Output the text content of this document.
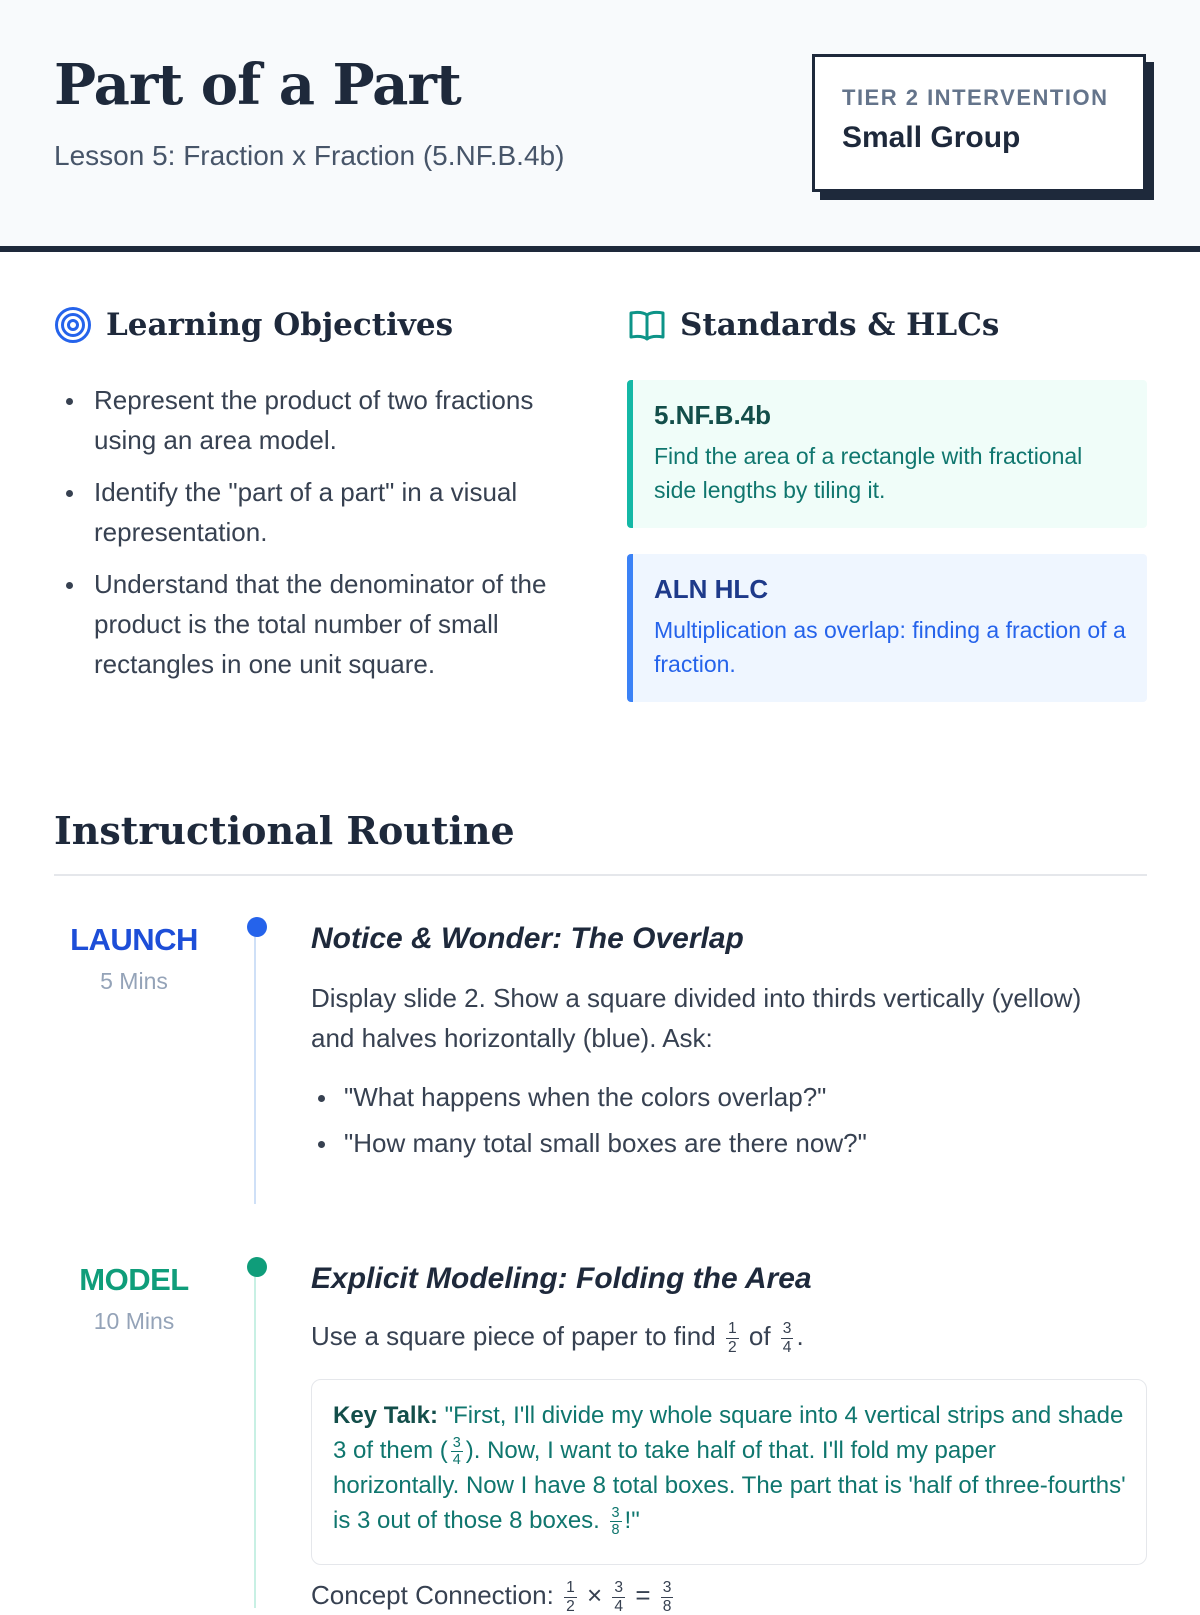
Part of a Part
Lesson 5: Fraction x Fraction (5.NF.B.4b)
TIER 2 INTERVENTION
Small Group
Learning Objectives
Represent the product of two fractions using an area model.
Identify the "part of a part" in a visual representation.
Understand that the denominator of the product is the total number of small rectangles in one unit square.
Standards & HLCs
5.NF.B.4b
Find the area of a rectangle with fractional side lengths by tiling it.
ALN HLC
Multiplication as overlap: finding a fraction of a fraction.
Instructional Routine
LAUNCH
5 Mins
Notice & Wonder: The Overlap
Display slide 2. Show a square divided into thirds vertically (yellow) and halves horizontally (blue). Ask:
"What happens when the colors overlap?"
"How many total small boxes are there now?"
MODEL
10 Mins
Explicit Modeling: Folding the Area
Use a square piece of paper to find $\frac{1}{2}$ of $\frac{3}{4}$ .
Key Talk: "First, I'll divide my whole square into 4 vertical strips and shade 3 of them ( $\frac{3}{4}$ ). Now, I want to take half of that. I'll fold my paper horizontally. Now I have 8 total boxes. The part that is 'half of three-fourths' is 3 out of those 8 boxes. $\frac{3}{8}$ !"
Concept Connection: $\frac{1}{2} \times \frac{3}{4} = \frac{3}{8}$
